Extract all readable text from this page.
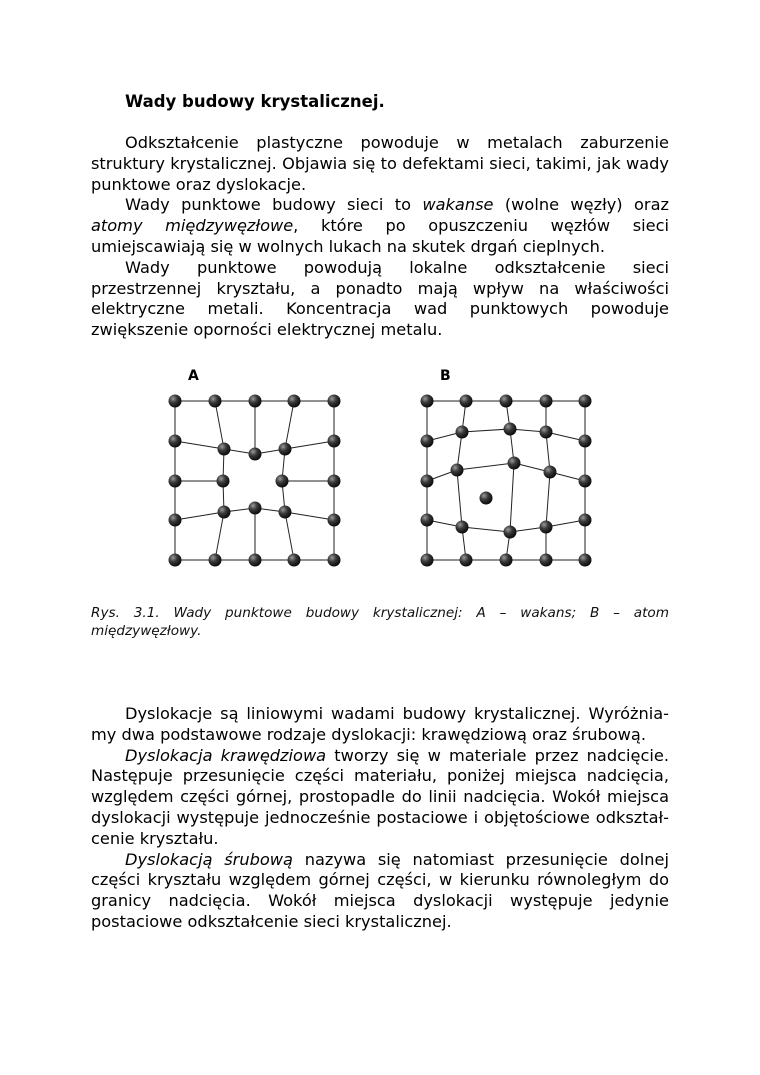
Wady budowy krystalicznej.

Odkształcenie plastyczne powoduje w metalach zaburzenie struktury krystalicznej. Objawia się to defektami sieci, takimi, jak wady punktowe oraz dyslokacje.

Wady punktowe budowy sieci to wakanse (wolne węzły) oraz atomy międzywęzłowe, które po opuszczeniu węzłów sieci umiejscawiają się w wolnych lukach na skutek drgań cieplnych.

Wady punktowe powodują lokalne odkształcenie sieci przestrzennej kryształu, a ponadto mają wpływ na właściwości elektryczne metali. Koncentracja wad punktowych powoduje zwiększenie oporności elektrycznej metalu.

A	B

Rys. 3.1. Wady punktowe budowy krystalicznej: A – wakans; B – atom międzywęzłowy.

Dyslokacje są liniowymi wadami budowy krystalicznej. Wyróżnia-my dwa podstawowe rodzaje dyslokacji: krawędziową oraz śrubową.

Dyslokacja krawędziowa tworzy się w materiale przez nadcięcie. Następuje przesunięcie części materiału, poniżej miejsca nadcięcia, względem części górnej, prostopadle do linii nadcięcia. Wokół miejsca dyslokacji występuje jednocześnie postaciowe i objętościowe odkształ-cenie kryształu.

Dyslokacją śrubową nazywa się natomiast przesunięcie dolnej części kryształu względem górnej części, w kierunku równoległym do granicy nadcięcia. Wokół miejsca dyslokacji występuje jedynie postaciowe odkształcenie sieci krystalicznej.
